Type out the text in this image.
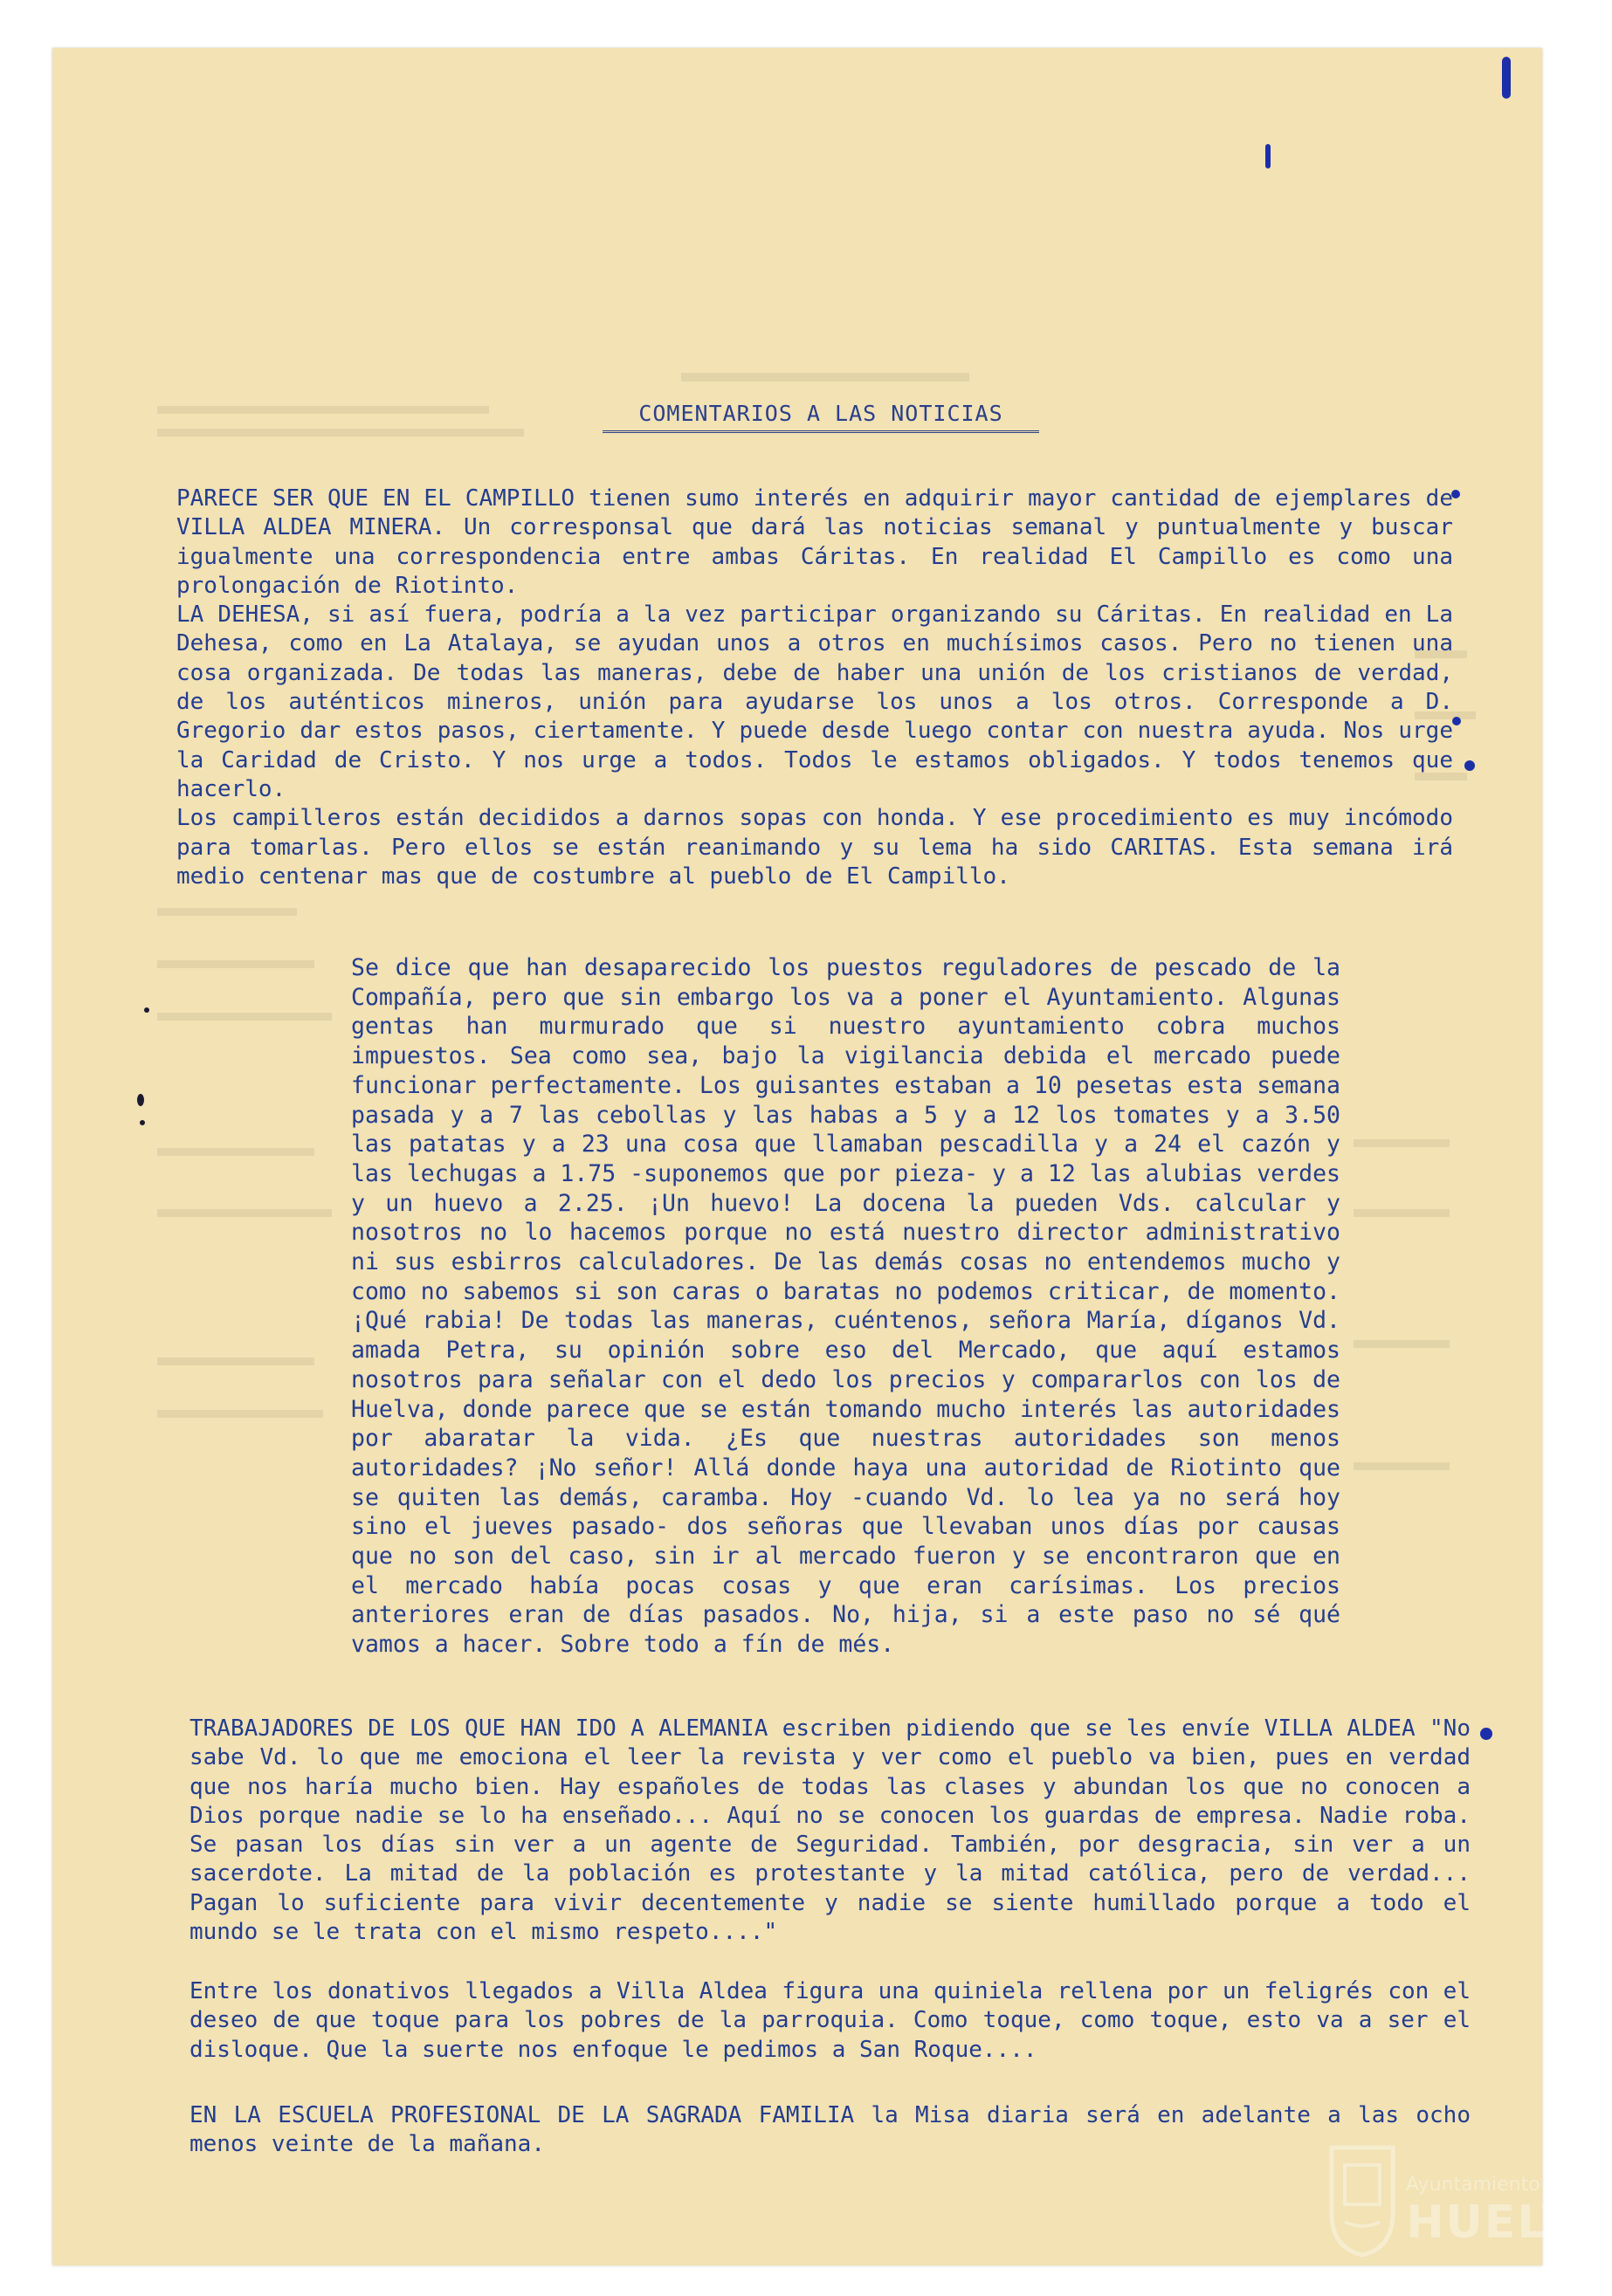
COMENTARIOS A LAS NOTICIAS

PARECE SER QUE EN EL CAMPILLO tienen sumo interés en adquirir mayor cantidad de ejemplares de VILLA ALDEA MINERA. Un corresponsal que dará las noticias semanal y puntualmente y buscar igualmente una correspondencia entre ambas Cáritas. En realidad El Campillo es como una prolongación de Riotinto.

LA DEHESA, si así fuera, podría a la vez participar organizando su Cáritas. En realidad en La Dehesa, como en La Atalaya, se ayudan unos a otros en muchísimos casos. Pero no tienen una cosa organizada. De todas las maneras, debe de haber una unión de los cristianos de verdad, de los auténticos mineros, unión para ayudarse los unos a los otros. Corresponde a D. Gregorio dar estos pasos, ciertamente. Y puede desde luego contar con nuestra ayuda. Nos urge la Caridad de Cristo. Y nos urge a todos. Todos le estamos obligados. Y todos tenemos que hacerlo.

Los campilleros están decididos a darnos sopas con honda. Y ese procedimiento es muy incómodo para tomarlas. Pero ellos se están reanimando y su lema ha sido CARITAS. Esta semana irá medio centenar mas que de costumbre al pueblo de El Campillo.

Se dice que han desaparecido los puestos reguladores de pescado de la Compañía, pero que sin embargo los va a poner el Ayuntamiento. Algunas gentas han murmurado que si nuestro ayuntamiento cobra muchos impuestos. Sea como sea, bajo la vigilancia debida el mercado puede funcionar perfectamente. Los guisantes estaban a 10 pesetas esta semana pasada y a 7 las cebollas y las habas a 5 y a 12 los tomates y a 3.50 las patatas y a 23 una cosa que llamaban pescadilla y a 24 el cazón y las lechugas a 1.75 -suponemos que por pieza- y a 12 las alubias verdes y un huevo a 2.25. ¡Un huevo! La docena la pueden Vds. calcular y nosotros no lo hacemos porque no está nuestro director administrativo ni sus esbirros calculadores. De las demás cosas no entendemos mucho y como no sabemos si son caras o baratas no podemos criticar, de momento. ¡Qué rabia! De todas las maneras, cuéntenos, señora María, díganos Vd. amada Petra, su opinión sobre eso del Mercado, que aquí estamos nosotros para señalar con el dedo los precios y compararlos con los de Huelva, donde parece que se están tomando mucho interés las autoridades por abaratar la vida. ¿Es que nuestras autoridades son menos autoridades? ¡No señor! Allá donde haya una autoridad de Riotinto que se quiten las demás, caramba. Hoy -cuando Vd. lo lea ya no será hoy sino el jueves pasado- dos señoras que llevaban unos días por causas que no son del caso, sin ir al mercado fueron y se encontraron que en el mercado había pocas cosas y que eran carísimas. Los precios anteriores eran de días pasados. No, hija, si a este paso no sé qué vamos a hacer. Sobre todo a fín de més.

TRABAJADORES DE LOS QUE HAN IDO A ALEMANIA escriben pidiendo que se les envíe VILLA ALDEA "No sabe Vd. lo que me emociona el leer la revista y ver como el pueblo va bien, pues en verdad que nos haría mucho bien. Hay españoles de todas las clases y abundan los que no conocen a Dios porque nadie se lo ha enseñado... Aquí no se conocen los guardas de empresa. Nadie roba. Se pasan los días sin ver a un agente de Seguridad. También, por desgracia, sin ver a un sacerdote. La mitad de la población es protestante y la mitad católica, pero de verdad... Pagan lo suficiente para vivir decentemente y nadie se siente humillado porque a todo el mundo se le trata con el mismo respeto...."

Entre los donativos llegados a Villa Aldea figura una quiniela rellena por un feligrés con el deseo de que toque para los pobres de la parroquia. Como toque, como toque, esto va a ser el disloque. Que la suerte nos enfoque le pedimos a San Roque....

EN LA ESCUELA PROFESIONAL DE LA SAGRADA FAMILIA la Misa diaria será en adelante a las ocho menos veinte de la mañana.

Ayuntamiento de
HUELVA
